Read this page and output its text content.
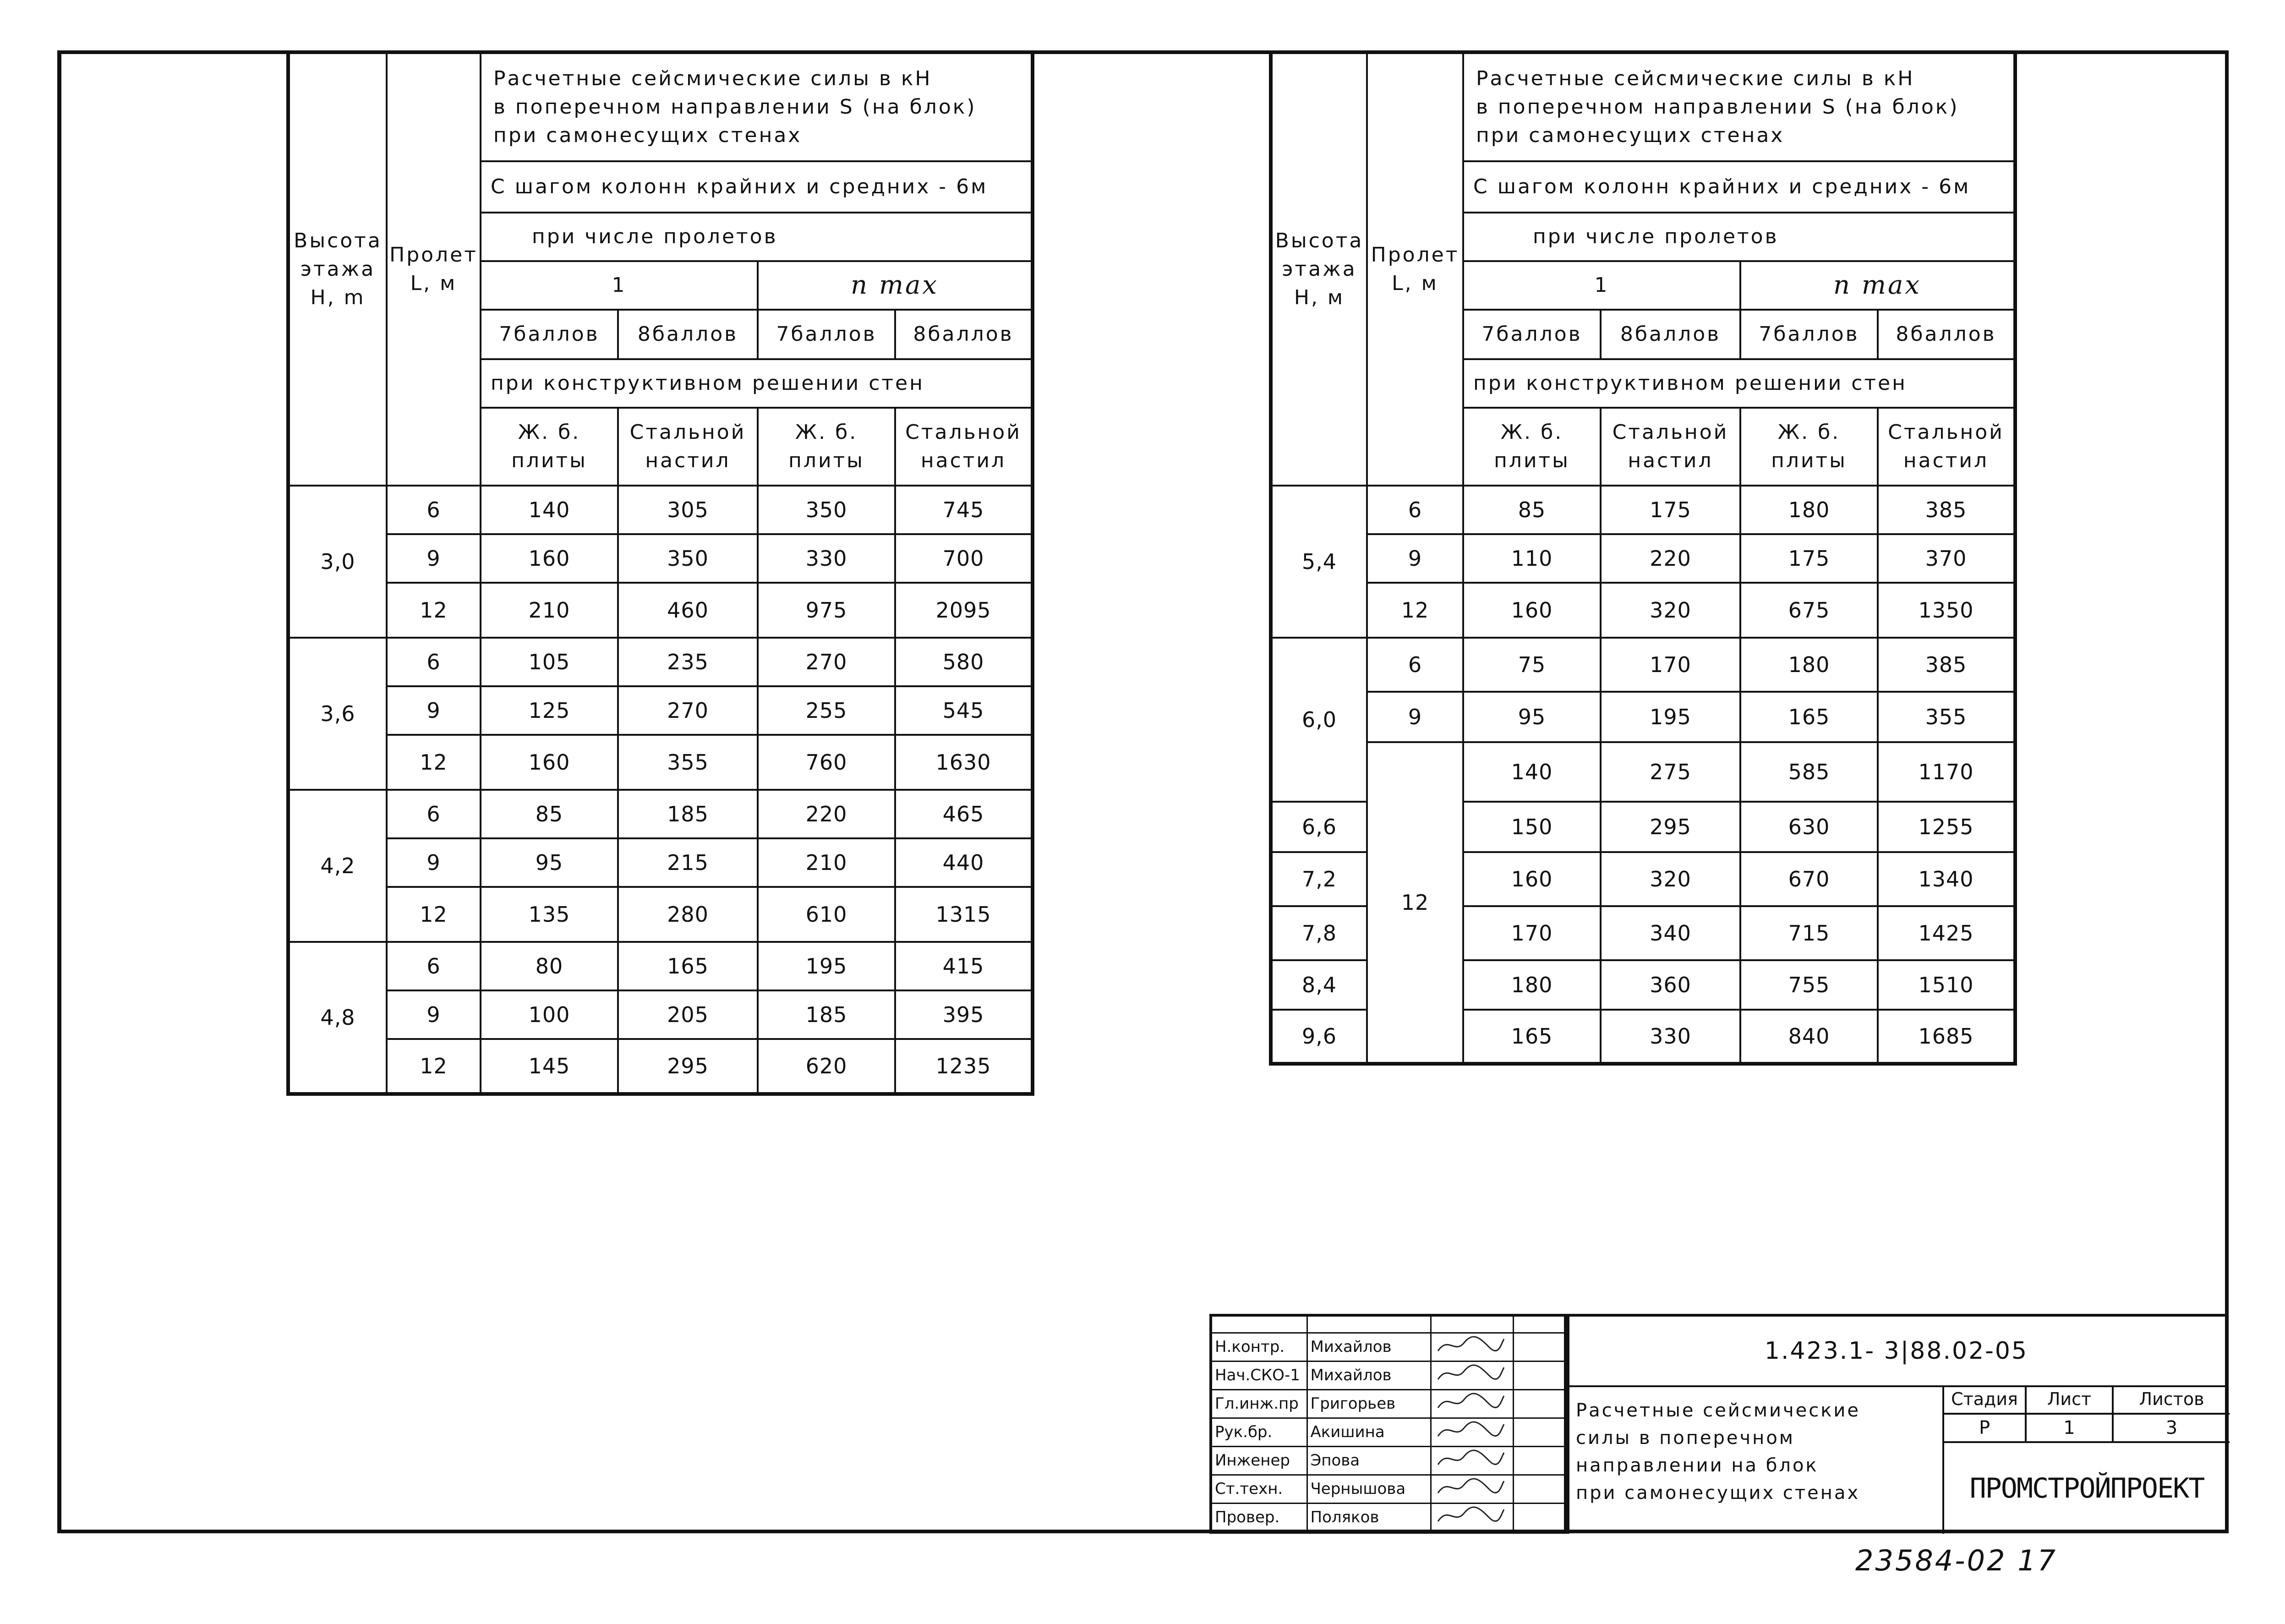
Высота этажа Н, m	Пролет L, м	Расчетные сейсмические силы в кН
в поперечном направлении S (на блок)
при самонесущих стенах			

		С шагом колонн крайних и средних - 6м			
		при числе пролетов			
		1		n max	
		7баллов	8баллов	7баллов	8баллов
		при конструктивном решении стен			
		Ж. б. плиты	Стальной настил	Ж. б. плиты	Стальной настил
3,0	6	140	305	350	745
	9	160	350	330	700
	12	210	460	975	2095
3,6	6	105	235	270	580
	9	125	270	255	545
	12	160	355	760	1630
4,2	6	85	185	220	465
	9	95	215	210	440
	12	135	280	610	1315
4,8	6	80	165	195	415
	9	100	205	185	395
	12	145	295	620	1235
Высота этажа Н, м	Пролет L, м	Расчетные сейсмические силы в кН
в поперечном направлении S (на блок)
при самонесущих стенах			

		С шагом колонн крайних и средних - 6м			
		при числе пролетов			
		1		n max	
		7баллов	8баллов	7баллов	8баллов
		при конструктивном решении стен			
		Ж. б. плиты	Стальной настил	Ж. б. плиты	Стальной настил
5,4	6	85	175	180	385
	9	110	220	175	370
	12	160	320	675	1350
6,0	6	75	170	180	385
	9	95	195	165	355
	12	140	275	585	1170
6,6		150	295	630	1255
7,2		160	320	670	1340
7,8		170	340	715	1425
8,4		180	360	755	1510
9,6		165	330	840	1685

Н.контр.	Михайлов		
Нач.СКО-1	Михайлов		
Гл.инж.пр	Григорьев		
Рук.бр.	Акишина		
Инженер	Эпова		
Ст.техн.	Чернышова		
Провер.	Поляков		
1.423.1- 3|88.02-05
Расчетные сейсмические
силы в поперечном
направлении на блок
при самонесущих стенах
Стадия	Лист	Листов
Р	1	3
ПРОМСТРОЙПРОЕКТ		
23584-02 17
